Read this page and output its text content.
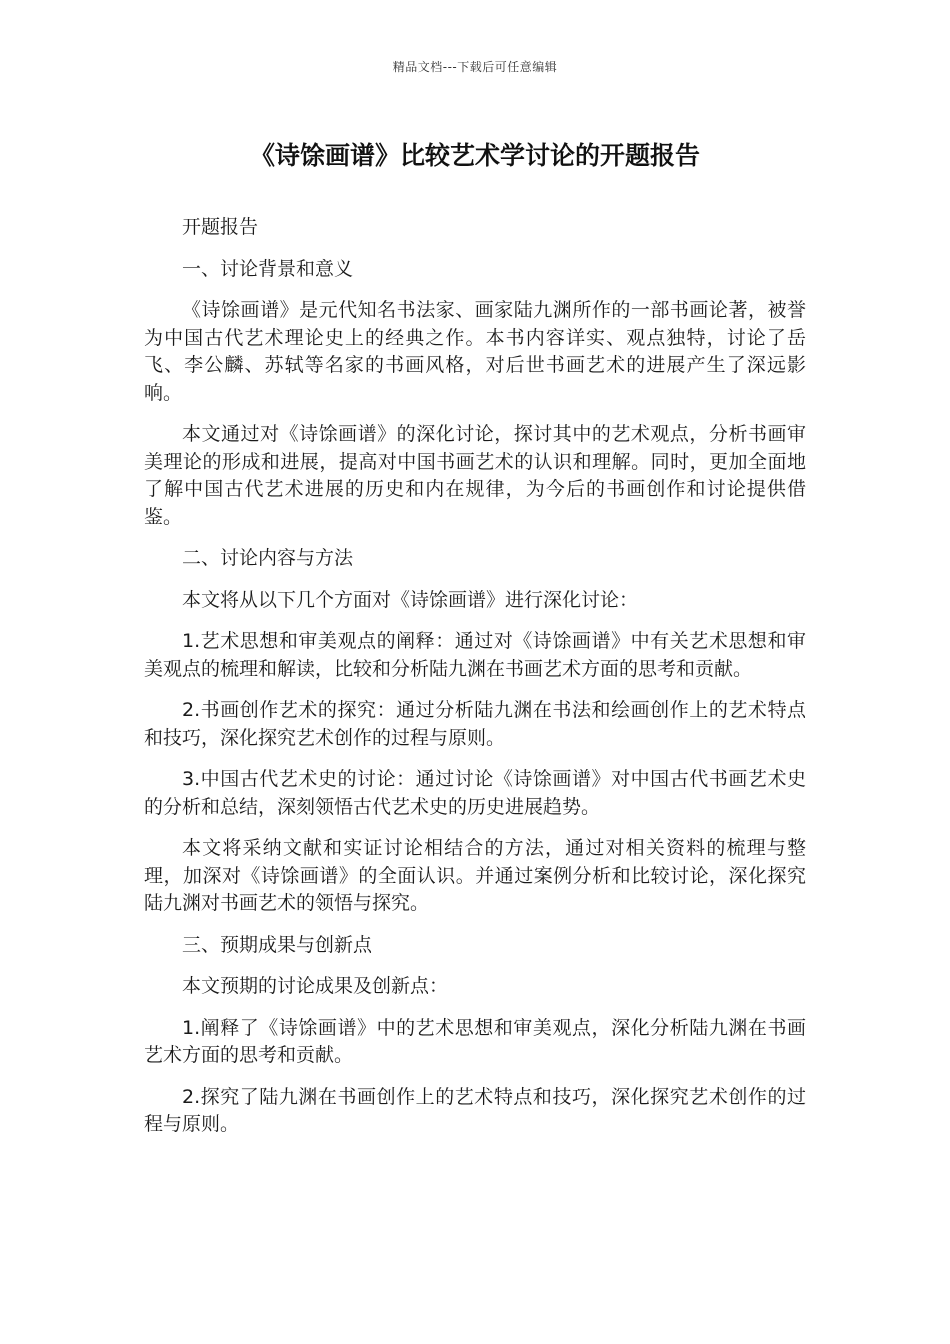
精品文档---下载后可任意编辑
《诗馀画谱》比较艺术学讨论的开题报告

开题报告

一、讨论背景和意义

《诗馀画谱》是元代知名书法家、画家陆九渊所作的一部书画论著，被誉为中国古代艺术理论史上的经典之作。本书内容详实、观点独特，讨论了岳飞、李公麟、苏轼等名家的书画风格，对后世书画艺术的进展产生了深远影响。

本文通过对《诗馀画谱》的深化讨论，探讨其中的艺术观点，分析书画审美理论的形成和进展，提高对中国书画艺术的认识和理解。同时，更加全面地了解中国古代艺术进展的历史和内在规律，为今后的书画创作和讨论提供借鉴。

二、讨论内容与方法

本文将从以下几个方面对《诗馀画谱》进行深化讨论：

1.艺术思想和审美观点的阐释：通过对《诗馀画谱》中有关艺术思想和审美观点的梳理和解读，比较和分析陆九渊在书画艺术方面的思考和贡献。

2.书画创作艺术的探究：通过分析陆九渊在书法和绘画创作上的艺术特点和技巧，深化探究艺术创作的过程与原则。

3.中国古代艺术史的讨论：通过讨论《诗馀画谱》对中国古代书画艺术史的分析和总结，深刻领悟古代艺术史的历史进展趋势。

本文将采纳文献和实证讨论相结合的方法，通过对相关资料的梳理与整理，加深对《诗馀画谱》的全面认识。并通过案例分析和比较讨论，深化探究陆九渊对书画艺术的领悟与探究。

三、预期成果与创新点

本文预期的讨论成果及创新点：

1.阐释了《诗馀画谱》中的艺术思想和审美观点，深化分析陆九渊在书画艺术方面的思考和贡献。

2.探究了陆九渊在书画创作上的艺术特点和技巧，深化探究艺术创作的过程与原则。
